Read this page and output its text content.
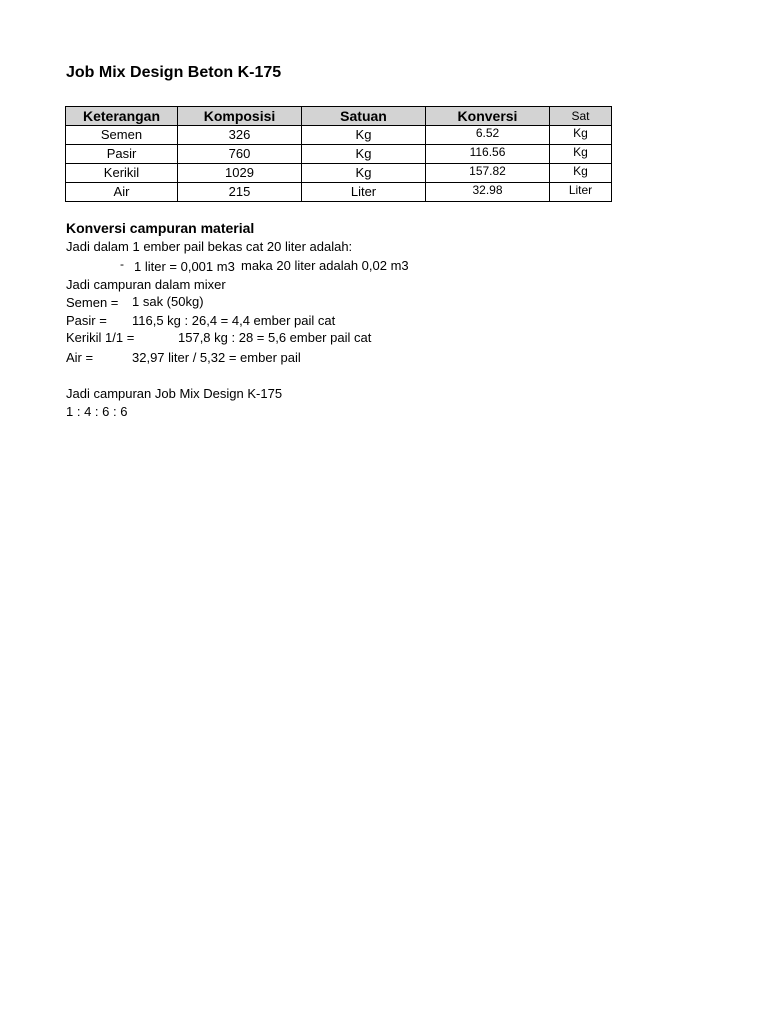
Job Mix Design Beton K-175
Keterangan	Komposisi	Satuan	Konversi	Sat
Semen	326	Kg	6.52	Kg
Pasir	760	Kg	116.56	Kg
Kerikil	1029	Kg	157.82	Kg
Air	215	Liter	32.98	Liter
Konversi campuran material
Jadi dalam 1 ember pail bekas cat 20 liter adalah:
- 1 liter = 0,001 m3 maka 20 liter adalah 0,02 m3
Jadi campuran dalam mixer
Semen = 1 sak (50kg)
Pasir = 116,5 kg : 26,4 = 4,4 ember pail cat
Kerikil 1/1 =	157,8 kg : 28 = 5,6 ember pail cat
Air =	32,97 liter / 5,32 = ember pail
Jadi campuran Job Mix Design K-175
1 : 4 : 6 : 6
